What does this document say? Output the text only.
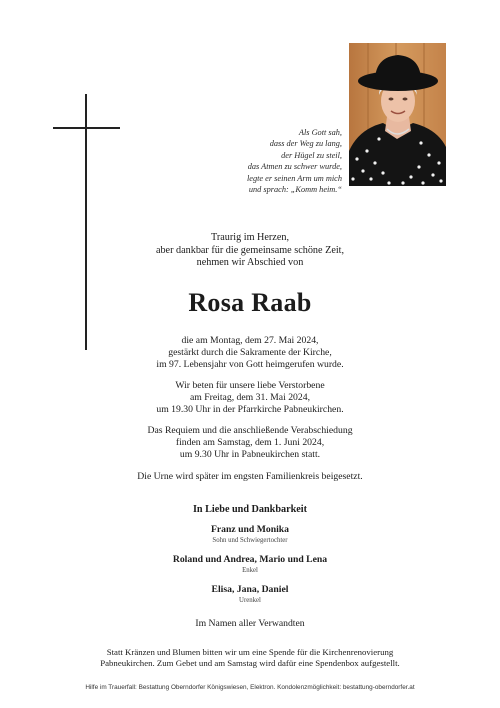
Als Gott sah,
dass der Weg zu lang,
der Hügel zu steil,
das Atmen zu schwer wurde,
legte er seinen Arm um mich
und sprach: „Komm heim.“
Traurig im Herzen,
aber dankbar für die gemeinsame schöne Zeit,
nehmen wir Abschied von
Rosa Raab
die am Montag, dem 27. Mai 2024,
gestärkt durch die Sakramente der Kirche,
im 97. Lebensjahr von Gott heimgerufen wurde.
Wir beten für unsere liebe Verstorbene
am Freitag, dem 31. Mai 2024,
um 19.30 Uhr in der Pfarrkirche Pabneukirchen.
Das Requiem und die anschließende Verabschiedung
finden am Samstag, dem 1. Juni 2024,
um 9.30 Uhr in Pabneukirchen statt.
Die Urne wird später im engsten Familienkreis beigesetzt.
In Liebe und Dankbarkeit
Franz und Monika
Sohn und Schwiegertochter
Roland und Andrea, Mario und Lena
Enkel
Elisa, Jana, Daniel
Urenkel
Im Namen aller Verwandten
Statt Kränzen und Blumen bitten wir um eine Spende für die Kirchenrenovierung
Pabneukirchen. Zum Gebet und am Samstag wird dafür eine Spendenbox aufgestellt.
Hilfe im Trauerfall: Bestattung Oberndorfer Königswiesen, Elektron. Kondolenzmöglichkeit: bestattung-oberndorfer.at
